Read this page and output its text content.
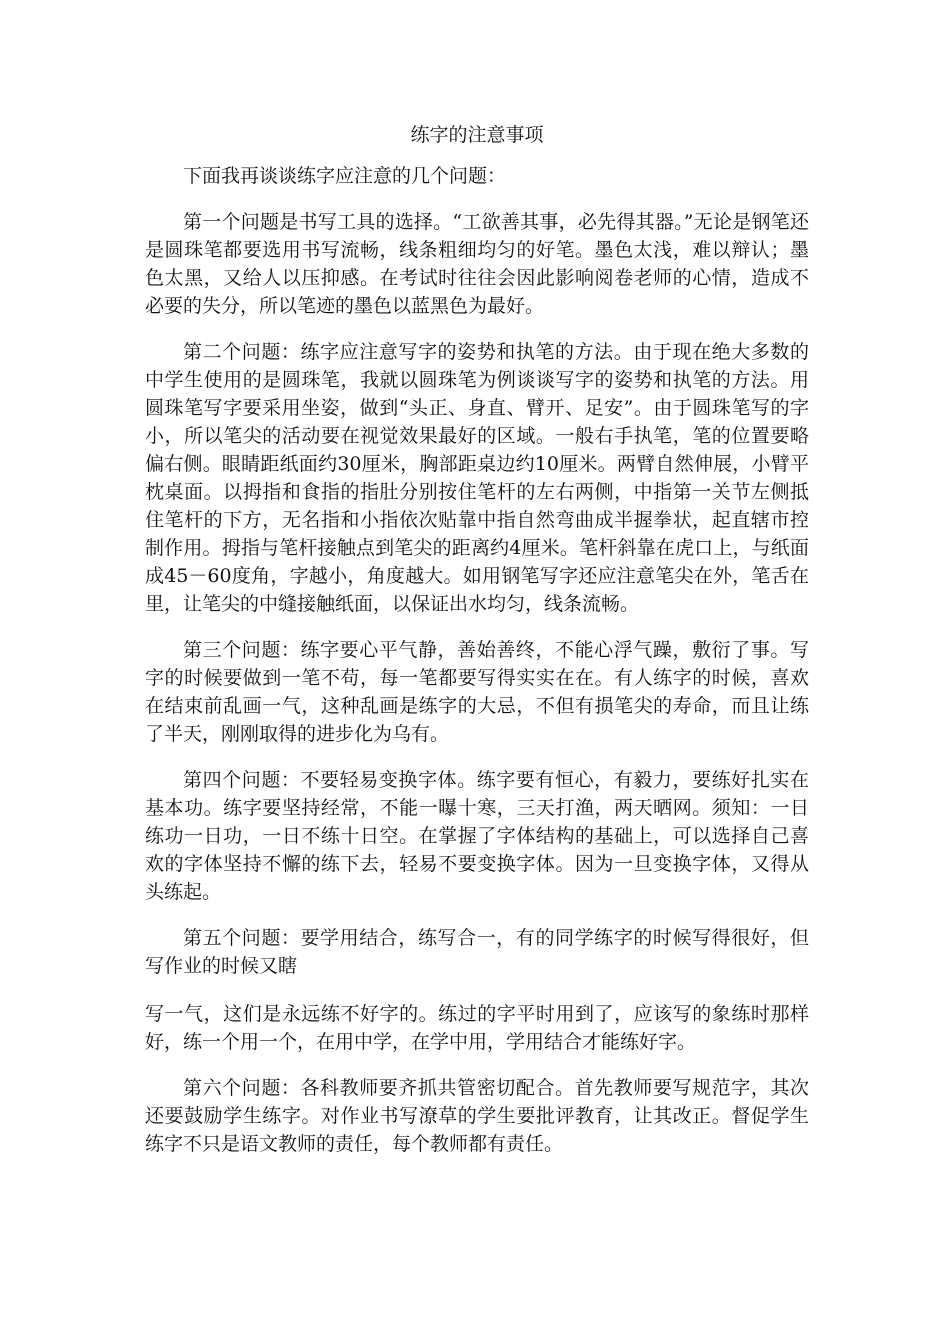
练字的注意事项

下面我再谈谈练字应注意的几个问题：

第一个问题是书写工具的选择。“工欲善其事，必先得其器。”无论是钢笔还是圆珠笔都要选用书写流畅，线条粗细均匀的好笔。墨色太浅，难以辩认；墨色太黑，又给人以压抑感。在考试时往往会因此影响阅卷老师的心情，造成不必要的失分，所以笔迹的墨色以蓝黑色为最好。

第二个问题：练字应注意写字的姿势和执笔的方法。由于现在绝大多数的中学生使用的是圆珠笔，我就以圆珠笔为例谈谈写字的姿势和执笔的方法。用圆珠笔写字要采用坐姿，做到“头正、身直、臂开、足安”。由于圆珠笔写的字小，所以笔尖的活动要在视觉效果最好的区域。一般右手执笔，笔的位置要略偏右侧。眼睛距纸面约30厘米，胸部距桌边约10厘米。两臂自然伸展，小臂平枕桌面。以拇指和食指的指肚分别按住笔杆的左右两侧，中指第一关节左侧抵住笔杆的下方，无名指和小指依次贴靠中指自然弯曲成半握拳状，起直辖市控制作用。拇指与笔杆接触点到笔尖的距离约4厘米。笔杆斜靠在虎口上，与纸面成45－60度角，字越小，角度越大。如用钢笔写字还应注意笔尖在外，笔舌在里，让笔尖的中缝接触纸面，以保证出水均匀，线条流畅。

第三个问题：练字要心平气静，善始善终，不能心浮气躁，敷衍了事。写字的时候要做到一笔不苟，每一笔都要写得实实在在。有人练字的时候，喜欢在结束前乱画一气，这种乱画是练字的大忌，不但有损笔尖的寿命，而且让练了半天，刚刚取得的进步化为乌有。

第四个问题：不要轻易变换字体。练字要有恒心，有毅力，要练好扎实在基本功。练字要坚持经常，不能一曝十寒，三天打渔，两天晒网。须知：一日练功一日功，一日不练十日空。在掌握了字体结构的基础上，可以选择自己喜欢的字体坚持不懈的练下去，轻易不要变换字体。因为一旦变换字体，又得从头练起。

第五个问题：要学用结合，练写合一，有的同学练字的时候写得很好，但写作业的时候又瞎

写一气，这们是永远练不好字的。练过的字平时用到了，应该写的象练时那样好，练一个用一个，在用中学，在学中用，学用结合才能练好字。

第六个问题：各科教师要齐抓共管密切配合。首先教师要写规范字，其次还要鼓励学生练字。对作业书写潦草的学生要批评教育，让其改正。督促学生练字不只是语文教师的责任，每个教师都有责任。
